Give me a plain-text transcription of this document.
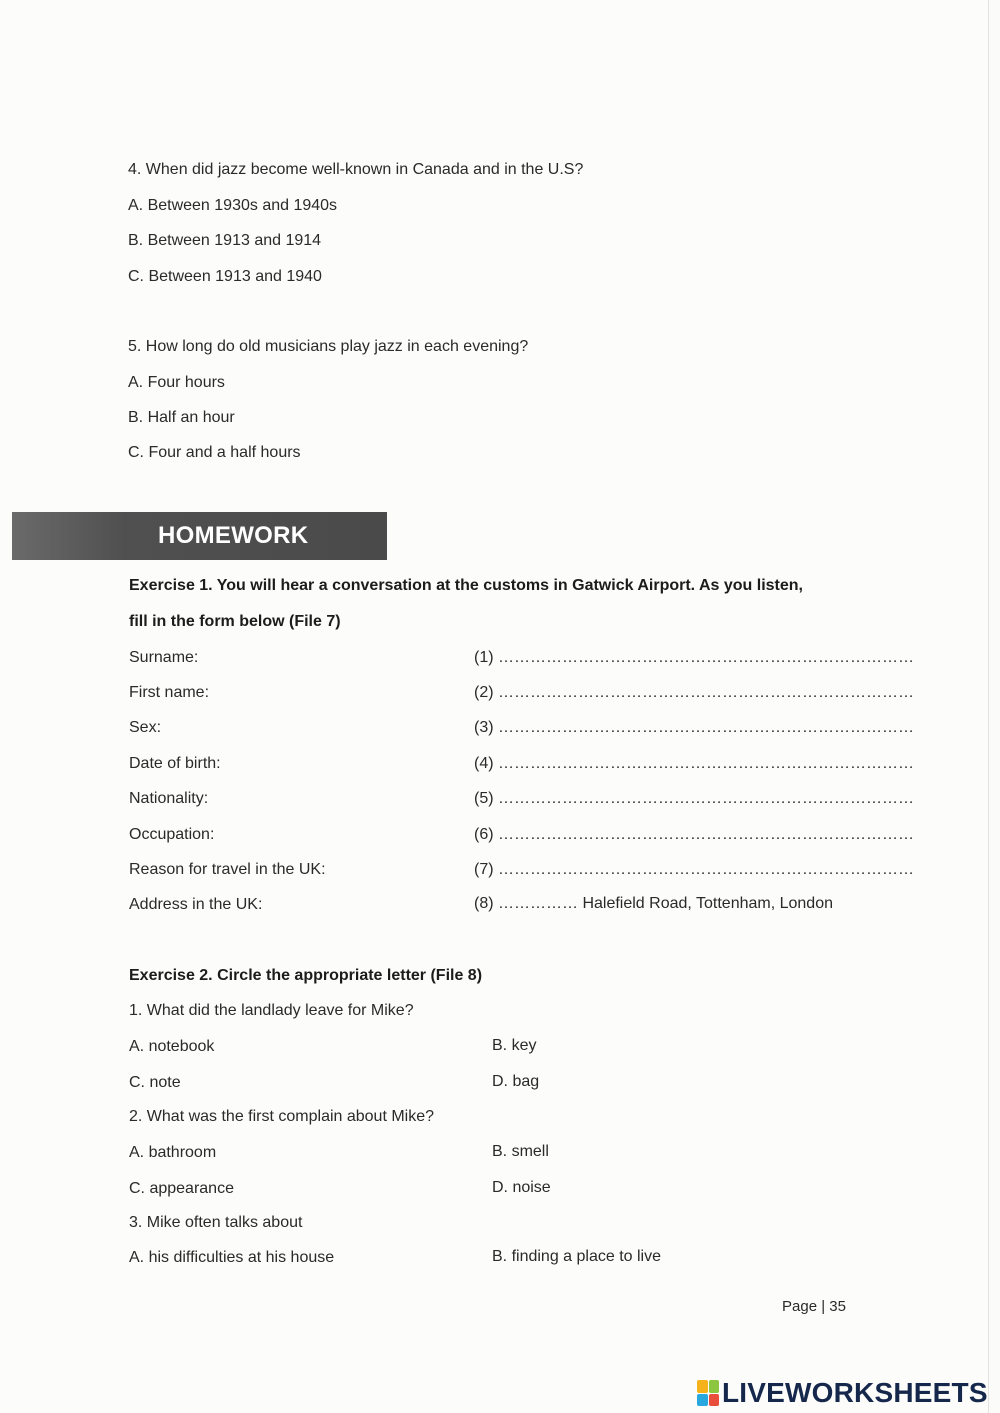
4. When did jazz become well-known in Canada and in the U.S?
A. Between 1930s and 1940s
B. Between 1913 and 1914
C. Between 1913 and 1940
5. How long do old musicians play jazz in each evening?
A. Four hours
B. Half an hour
C. Four and a half hours
HOMEWORK
Exercise 1. You will hear a conversation at the customs in Gatwick Airport. As you listen,
fill in the form below (File 7)
Surname:	(1) ……………………………………………………………………
First name:	(2) ……………………………………………………………………
Sex:	(3) ……………………………………………………………………
Date of birth:	(4) ……………………………………………………………………
Nationality:	(5) ……………………………………………………………………
Occupation:	(6) ……………………………………………………………………
Reason for travel in the UK:	(7) ……………………………………………………………………
Address in the UK:	(8) …………… Halefield Road, Tottenham, London
Exercise 2. Circle the appropriate letter (File 8)
1. What did the landlady leave for Mike?
A. notebook	B. key
C. note	D. bag
2. What was the first complain about Mike?
A. bathroom	B. smell
C. appearance	D. noise
3. Mike often talks about
A. his difficulties at his house	B. finding a place to live
Page | 35
LIVEWORKSHEETS
